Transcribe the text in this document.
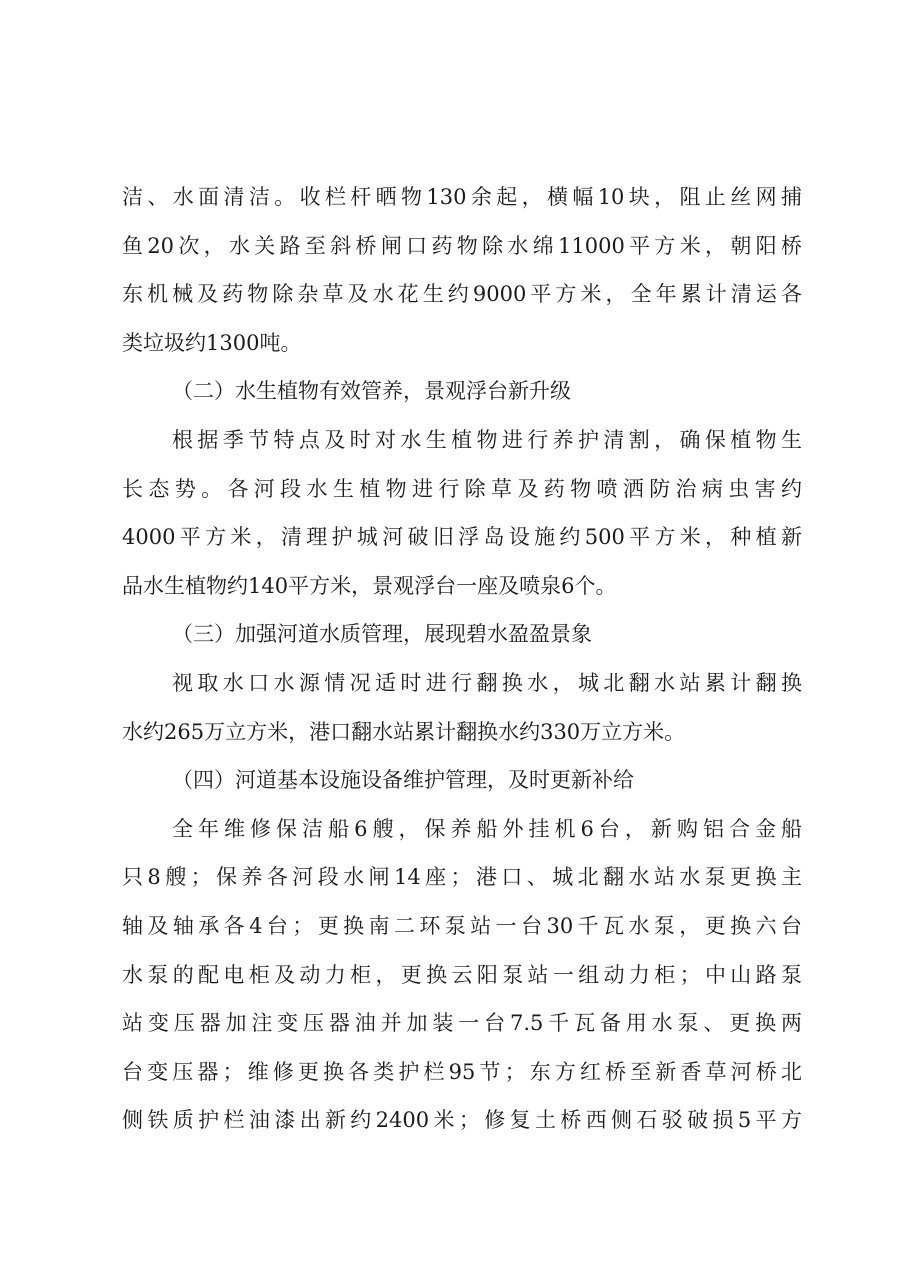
洁、水面清洁。收栏杆晒物130余起，横幅10块，阻止丝网捕
鱼20次，水关路至斜桥闸口药物除水绵11000平方米，朝阳桥
东机械及药物除杂草及水花生约9000平方米，全年累计清运各
类垃圾约1300吨。
（二）水生植物有效管养，景观浮台新升级
根据季节特点及时对水生植物进行养护清割，确保植物生
长态势。各河段水生植物进行除草及药物喷洒防治病虫害约
4000平方米，清理护城河破旧浮岛设施约500平方米，种植新
品水生植物约140平方米，景观浮台一座及喷泉6个。
（三）加强河道水质管理，展现碧水盈盈景象
视取水口水源情况适时进行翻换水，城北翻水站累计翻换
水约265万立方米，港口翻水站累计翻换水约330万立方米。
（四）河道基本设施设备维护管理，及时更新补给
全年维修保洁船6艘，保养船外挂机6台，新购铝合金船
只8艘；保养各河段水闸14座；港口、城北翻水站水泵更换主
轴及轴承各4台；更换南二环泵站一台30千瓦水泵，更换六台
水泵的配电柜及动力柜，更换云阳泵站一组动力柜；中山路泵
站变压器加注变压器油并加装一台7.5千瓦备用水泵、更换两
台变压器；维修更换各类护栏95节；东方红桥至新香草河桥北
侧铁质护栏油漆出新约2400米；修复土桥西侧石驳破损5平方
